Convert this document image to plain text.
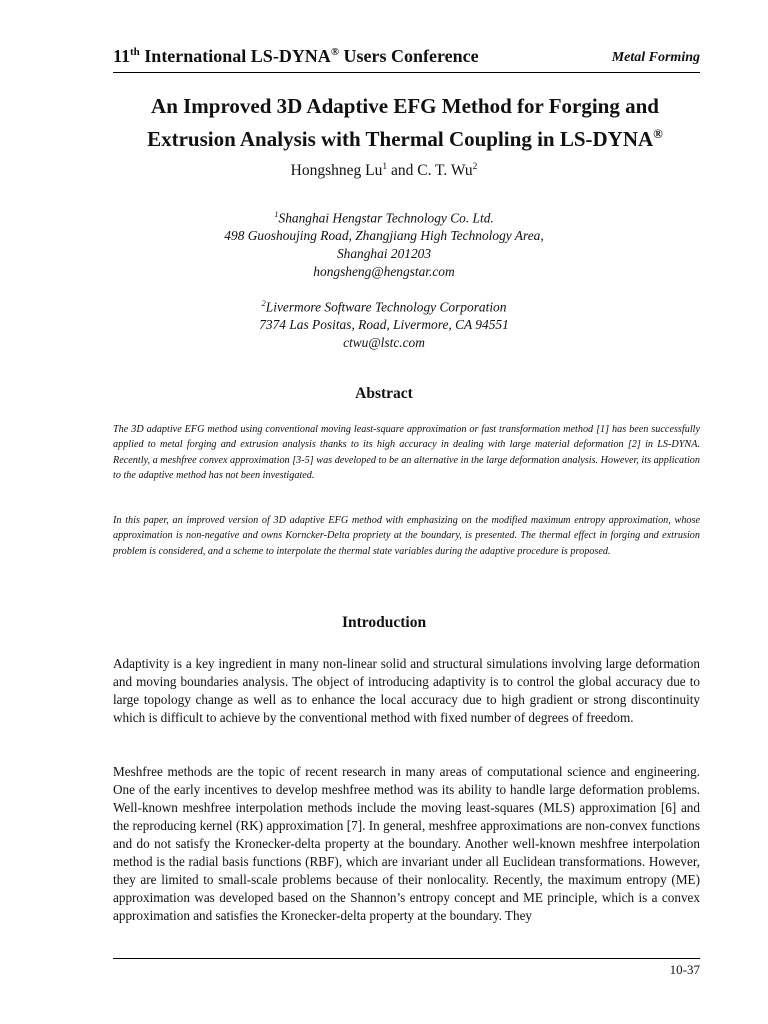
11th International LS-DYNA® Users Conference	Metal Forming
An Improved 3D Adaptive EFG Method for Forging and
Extrusion Analysis with Thermal Coupling in LS-DYNA®
Hongshneg Lu$^1$ and C. T. Wu$^2$
$^1$Shanghai Hengstar Technology Co. Ltd.
498 Guoshoujing Road, Zhangjiang High Technology Area,
Shanghai 201203
hongsheng@hengstar.com
$^2$Livermore Software Technology Corporation
7374 Las Positas, Road, Livermore, CA 94551
ctwu@lstc.com
Abstract

The 3D adaptive EFG method using conventional moving least-square approximation or fast transformation method [1] has been successfully applied to metal forging and extrusion analysis thanks to its high accuracy in dealing with large material deformation [2] in LS-DYNA. Recently, a meshfree convex approximation [3-5] was developed to be an alternative in the large deformation analysis. However, its application to the adaptive method has not been investigated.

In this paper, an improved version of 3D adaptive EFG method with emphasizing on the modified maximum entropy approximation, whose approximation is non-negative and owns Korncker-Delta propriety at the boundary, is presented. The thermal effect in forging and extrusion problem is considered, and a scheme to interpolate the thermal state variables during the adaptive procedure is proposed.

Introduction

Adaptivity is a key ingredient in many non-linear solid and structural simulations involving large deformation and moving boundaries analysis. The object of introducing adaptivity is to control the global accuracy due to large topology change as well as to enhance the local accuracy due to high gradient or strong discontinuity which is difficult to achieve by the conventional method with fixed number of degrees of freedom.

Meshfree methods are the topic of recent research in many areas of computational science and engineering. One of the early incentives to develop meshfree method was its ability to handle large deformation problems. Well-known meshfree interpolation methods include the moving least-squares (MLS) approximation [6] and the reproducing kernel (RK) approximation [7]. In general, meshfree approximations are non-convex functions and do not satisfy the Kronecker-delta property at the boundary. Another well-known meshfree interpolation method is the radial basis functions (RBF), which are invariant under all Euclidean transformations. However, they are limited to small-scale problems because of their nonlocality. Recently, the maximum entropy (ME) approximation was developed based on the Shannon’s entropy concept and ME principle, which is a convex approximation and satisfies the Kronecker-delta property at the boundary. They

10-37
